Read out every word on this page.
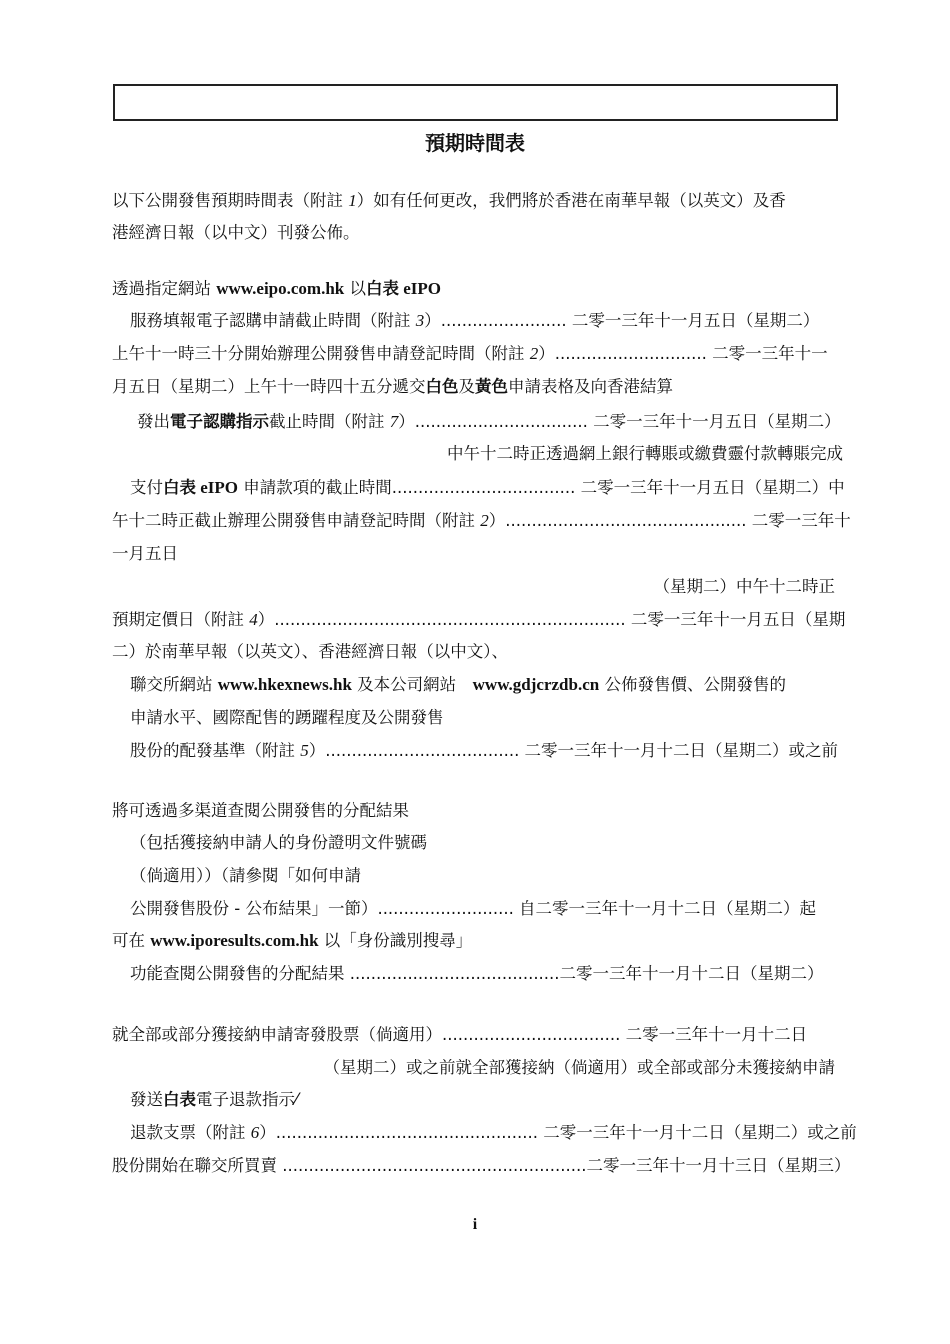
預期時間表
以下公開發售預期時間表（附註 1）如有任何更改，我們將於香港在南華早報（以英文）及香
港經濟日報（以中文）刊發公佈。
透過指定網站 www.eipo.com.hk 以白表 eIPO
服務填報電子認購申請截止時間（附註 3）........................ 二零一三年十一月五日（星期二）
上午十一時三十分開始辦理公開發售申請登記時間（附註 2）............................. 二零一三年十一
月五日（星期二）上午十一時四十五分遞交白色及黃色申請表格及向香港結算
發出電子認購指示截止時間（附註 7）................................. 二零一三年十一月五日（星期二）
中午十二時正透過網上銀行轉賬或繳費靈付款轉賬完成
支付白表 eIPO 申請款項的截止時間................................... 二零一三年十一月五日（星期二）中
午十二時正截止辦理公開發售申請登記時間（附註 2）.............................................. 二零一三年十
一月五日
（星期二）中午十二時正
預期定價日（附註 4）................................................................... 二零一三年十一月五日（星期
二）於南華早報（以英文）、香港經濟日報（以中文）、
聯交所網站 www.hkexnews.hk 及本公司網站　www.gdjcrzdb.cn 公佈發售價、公開發售的
申請水平、國際配售的踴躍程度及公開發售
股份的配發基準（附註 5）..................................... 二零一三年十一月十二日（星期二）或之前
將可透過多渠道查閱公開發售的分配結果
（包括獲接納申請人的身份證明文件號碼
（倘適用））（請參閱「如何申請
公開發售股份 - 公布結果」一節）.......................... 自二零一三年十一月十二日（星期二）起
可在 www.iporesults.com.hk 以「身份識別搜尋」
功能查閱公開發售的分配結果 ........................................二零一三年十一月十二日（星期二）
就全部或部分獲接納申請寄發股票（倘適用）.................................. 二零一三年十一月十二日
（星期二）或之前就全部獲接納（倘適用）或全部或部分未獲接納申請
發送白表電子退款指示⁄
退款支票（附註 6）.................................................. 二零一三年十一月十二日（星期二）或之前
股份開始在聯交所買賣 ..........................................................二零一三年十一月十三日（星期三）
i
